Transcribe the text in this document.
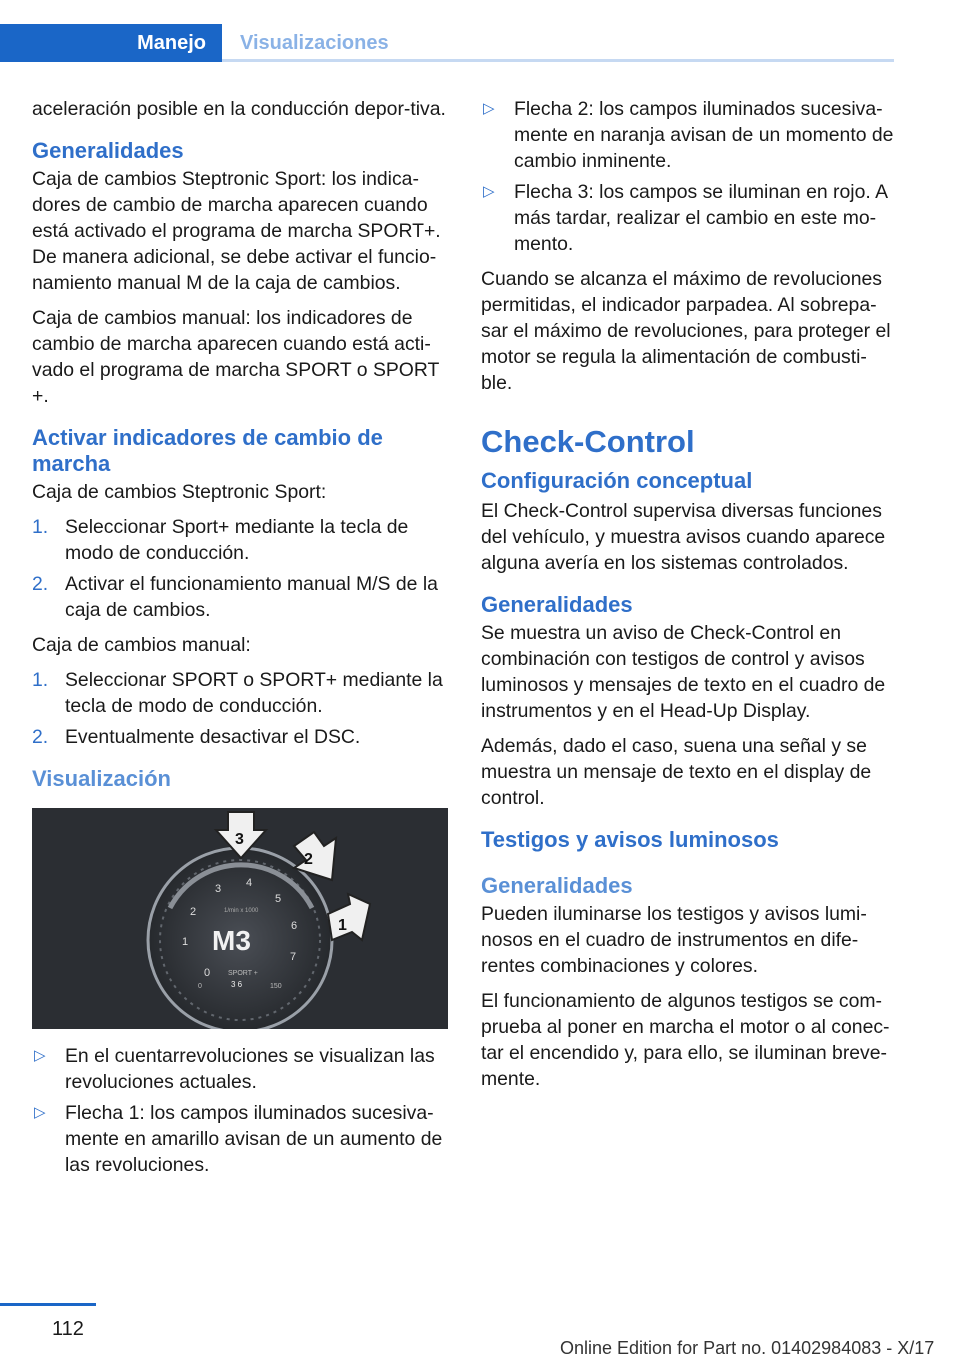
Manejo	Visualizaciones

aceleración posible en la conducción depor‐tiva.

Generalidades

Caja de cambios Steptronic Sport: los indica‐dores de cambio de marcha aparecen cuando está activado el programa de marcha SPORT+. De manera adicional, se debe activar el funcio‐namiento manual M de la caja de cambios.

Caja de cambios manual: los indicadores de cambio de marcha aparecen cuando está acti‐vado el programa de marcha SPORT o SPORT +.

Activar indicadores de cambio de marcha

Caja de cambios Steptronic Sport:

1. Seleccionar Sport+ mediante la tecla de modo de conducción.
2. Activar el funcionamiento manual M/S de la caja de cambios.

Caja de cambios manual:

1. Seleccionar SPORT o SPORT+ mediante la tecla de modo de conducción.
2. Eventualmente desactivar el DSC.
Visualización
0
1
2
3 4
5
6
7
1/min x 1000
M3
SPORT +
3 6
0	150
3
2
1
▷ En el cuentarrevoluciones se visualizan las revoluciones actuales.
▷ Flecha 1: los campos iluminados sucesiva‐mente en amarillo avisan de un aumento de las revoluciones.
▷ Flecha 2: los campos iluminados sucesiva‐mente en naranja avisan de un momento de cambio inminente.
▷ Flecha 3: los campos se iluminan en rojo. A más tardar, realizar el cambio en este mo‐mento.

Cuando se alcanza el máximo de revoluciones permitidas, el indicador parpadea. Al sobrepa‐sar el máximo de revoluciones, para proteger el motor se regula la alimentación de combusti‐ble.

Check-Control
Configuración conceptual

El Check-Control supervisa diversas funciones del vehículo, y muestra avisos cuando aparece alguna avería en los sistemas controlados.

Generalidades

Se muestra un aviso de Check-Control en combinación con testigos de control y avisos luminosos y mensajes de texto en el cuadro de instrumentos y en el Head-Up Display.

Además, dado el caso, suena una señal y se muestra un mensaje de texto en el display de control.

Testigos y avisos luminosos
Generalidades

Pueden iluminarse los testigos y avisos lumi‐nosos en el cuadro de instrumentos en dife‐rentes combinaciones y colores.

El funcionamiento de algunos testigos se com‐prueba al poner en marcha el motor o al conec‐tar el encendido y, para ello, se iluminan breve‐mente.

112
Online Edition for Part no. 01402984083 - X/17
